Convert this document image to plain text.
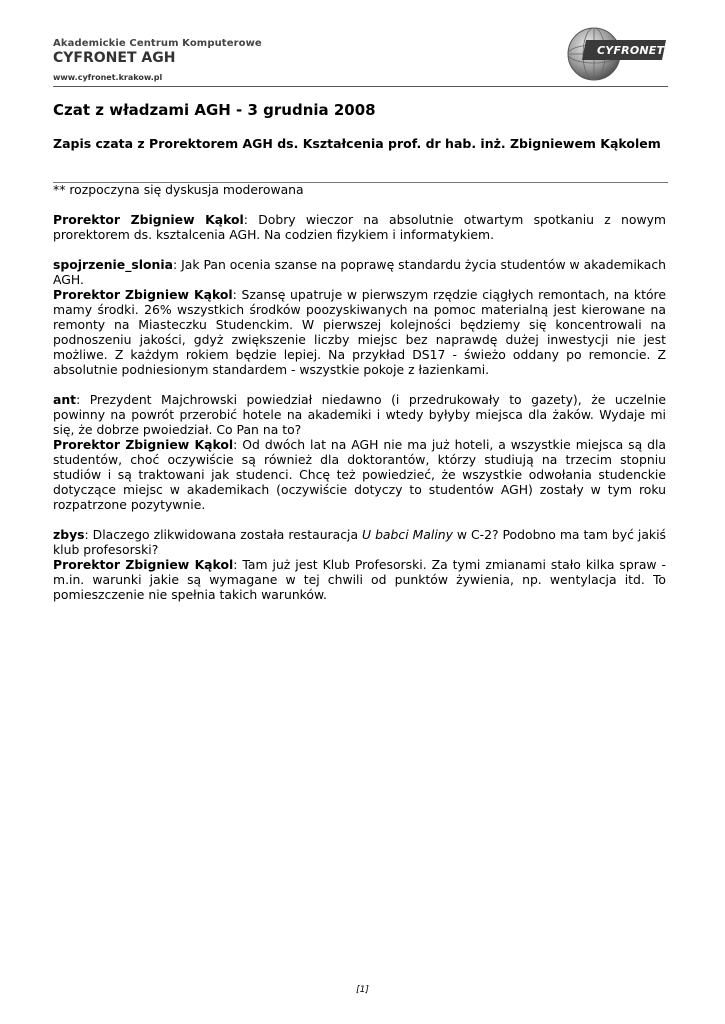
Akademickie Centrum Komputerowe
CYFRONET AGH
www.cyfronet.krakow.pl
CYFRONET
Czat z władzami AGH - 3 grudnia 2008
Zapis czata z Prorektorem AGH ds. Kształcenia prof. dr hab. inż. Zbigniewem Kąkolem

** rozpoczyna się dyskusja moderowana

Prorektor Zbigniew Kąkol: Dobry wieczor na absolutnie otwartym spotkaniu z nowym prorektorem ds. ksztalcenia AGH. Na codzien fizykiem i informatykiem.

spojrzenie_slonia: Jak Pan ocenia szanse na poprawę standardu życia studentów w akademikach AGH.

Prorektor Zbigniew Kąkol: Szansę upatruje w pierwszym rzędzie ciągłych remontach, na które mamy środki. 26% wszystkich środków poozyskiwanych na pomoc materialną jest kierowane na remonty na Miasteczku Studenckim. W pierwszej kolejności będziemy się koncentrowali na podnoszeniu jakości, gdyż zwiększenie liczby miejsc bez naprawdę dużej inwestycji nie jest możliwe. Z każdym rokiem będzie lepiej. Na przykład DS17 - świeżo oddany po remoncie. Z absolutnie podniesionym standardem - wszystkie pokoje z łazienkami.

ant: Prezydent Majchrowski powiedział niedawno (i przedrukowały to gazety), że uczelnie powinny na powrót przerobić hotele na akademiki i wtedy byłyby miejsca dla żaków. Wydaje mi się, że dobrze pwoiedział. Co Pan na to?

Prorektor Zbigniew Kąkol: Od dwóch lat na AGH nie ma już hoteli, a wszystkie miejsca są dla studentów, choć oczywiście są również dla doktorantów, którzy studiują na trzecim stopniu studiów i są traktowani jak studenci. Chcę też powiedzieć, że wszystkie odwołania studenckie dotyczące miejsc w akademikach (oczywiście dotyczy to studentów AGH) zostały w tym roku rozpatrzone pozytywnie.

zbys: Dlaczego zlikwidowana została restauracja U babci Maliny w C-2? Podobno ma tam być jakiś klub profesorski?

Prorektor Zbigniew Kąkol: Tam już jest Klub Profesorski. Za tymi zmianami stało kilka spraw - m.in. warunki jakie są wymagane w tej chwili od punktów żywienia, np. wentylacja itd. To pomieszczenie nie spełnia takich warunków.

[1]
